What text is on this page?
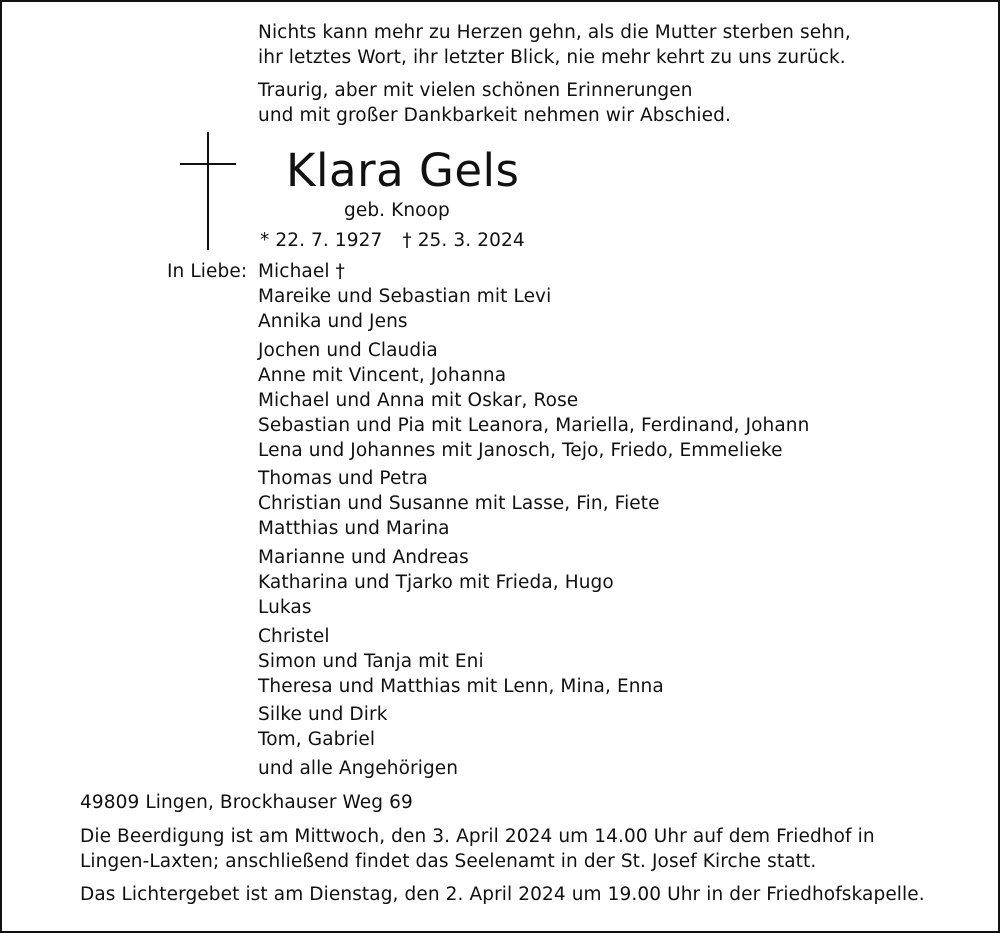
Nichts kann mehr zu Herzen gehn, als die Mutter sterben sehn,
ihr letztes Wort, ihr letzter Blick, nie mehr kehrt zu uns zurück.
Traurig, aber mit vielen schönen Erinnerungen
und mit großer Dankbarkeit nehmen wir Abschied.
Klara Gels
geb. Knoop
* 22. 7. 1927 † 25. 3. 2024
In Liebe: Michael †
Mareike und Sebastian mit Levi
Annika und Jens
Jochen und Claudia
Anne mit Vincent, Johanna
Michael und Anna mit Oskar, Rose
Sebastian und Pia mit Leanora, Mariella, Ferdinand, Johann
Lena und Johannes mit Janosch, Tejo, Friedo, Emmelieke
Thomas und Petra
Christian und Susanne mit Lasse, Fin, Fiete
Matthias und Marina
Marianne und Andreas
Katharina und Tjarko mit Frieda, Hugo
Lukas
Christel
Simon und Tanja mit Eni
Theresa und Matthias mit Lenn, Mina, Enna
Silke und Dirk
Tom, Gabriel
und alle Angehörigen
49809 Lingen, Brockhauser Weg 69
Die Beerdigung ist am Mittwoch, den 3. April 2024 um 14.00 Uhr auf dem Friedhof in
Lingen-Laxten; anschließend findet das Seelenamt in der St. Josef Kirche statt.
Das Lichtergebet ist am Dienstag, den 2. April 2024 um 19.00 Uhr in der Friedhofskapelle.
